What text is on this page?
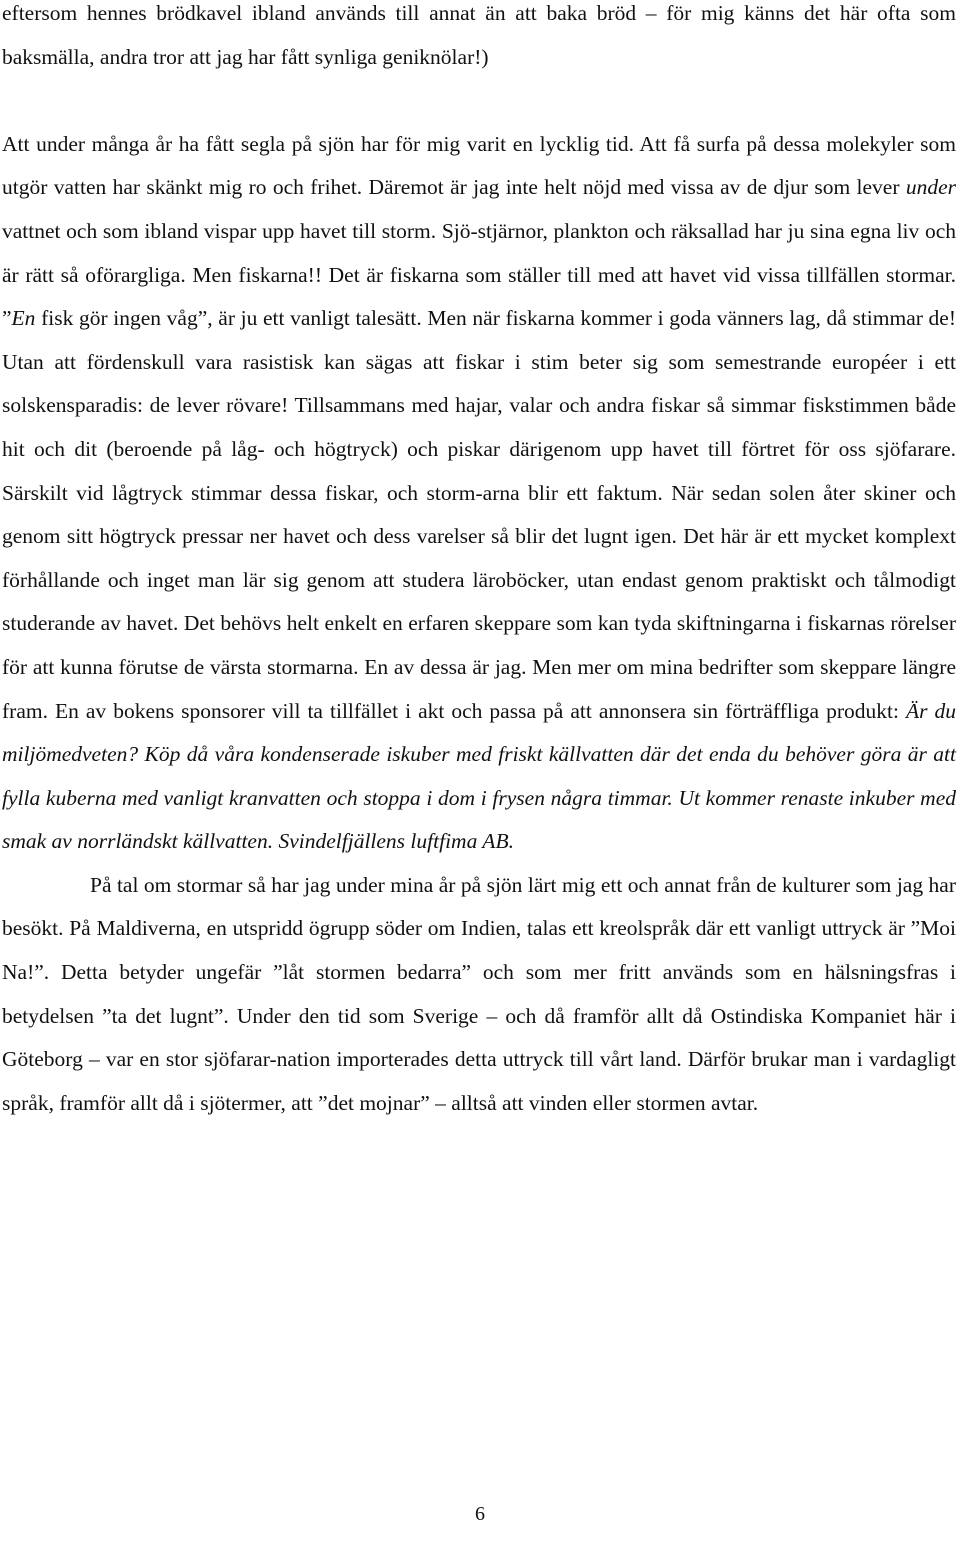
eftersom hennes brödkavel ibland används till annat än att baka bröd – för mig känns det här ofta som baksmälla, andra tror att jag har fått synliga geniknölar!)

Att under många år ha fått segla på sjön har för mig varit en lycklig tid. Att få surfa på dessa molekyler som utgör vatten har skänkt mig ro och frihet. Däremot är jag inte helt nöjd med vissa av de djur som lever under vattnet och som ibland vispar upp havet till storm. Sjö-stjärnor, plankton och räksallad har ju sina egna liv och är rätt så oförargliga. Men fiskarna!! Det är fiskarna som ställer till med att havet vid vissa tillfällen stormar. ”En fisk gör ingen våg”, är ju ett vanligt talesätt. Men när fiskarna kommer i goda vänners lag, då stimmar de! Utan att fördenskull vara rasistisk kan sägas att fiskar i stim beter sig som semestrande européer i ett solskensparadis: de lever rövare! Tillsammans med hajar, valar och andra fiskar så simmar fiskstimmen både hit och dit (beroende på låg- och högtryck) och piskar därigenom upp havet till förtret för oss sjöfarare. Särskilt vid lågtryck stimmar dessa fiskar, och storm-arna blir ett faktum. När sedan solen åter skiner och genom sitt högtryck pressar ner havet och dess varelser så blir det lugnt igen. Det här är ett mycket komplext förhållande och inget man lär sig genom att studera läroböcker, utan endast genom praktiskt och tålmodigt studerande av havet. Det behövs helt enkelt en erfaren skeppare som kan tyda skiftningarna i fiskarnas rörelser för att kunna förutse de värsta stormarna. En av dessa är jag. Men mer om mina bedrifter som skeppare längre fram. En av bokens sponsorer vill ta tillfället i akt och passa på att annonsera sin förträffliga produkt: Är du miljömedveten? Köp då våra kondenserade iskuber med friskt källvatten där det enda du behöver göra är att fylla kuberna med vanligt kranvatten och stoppa i dom i frysen några timmar. Ut kommer renaste inkuber med smak av norrländskt källvatten. Svindelfjällens luftfima AB.

På tal om stormar så har jag under mina år på sjön lärt mig ett och annat från de kulturer som jag har besökt. På Maldiverna, en utspridd ögrupp söder om Indien, talas ett kreolspråk där ett vanligt uttryck är ”Moi Na!”. Detta betyder ungefär ”låt stormen bedarra” och som mer fritt används som en hälsningsfras i betydelsen ”ta det lugnt”. Under den tid som Sverige – och då framför allt då Ostindiska Kompaniet här i Göteborg – var en stor sjöfarar-nation importerades detta uttryck till vårt land. Därför brukar man i vardagligt språk, framför allt då i sjötermer, att ”det mojnar” – alltså att vinden eller stormen avtar.

6
